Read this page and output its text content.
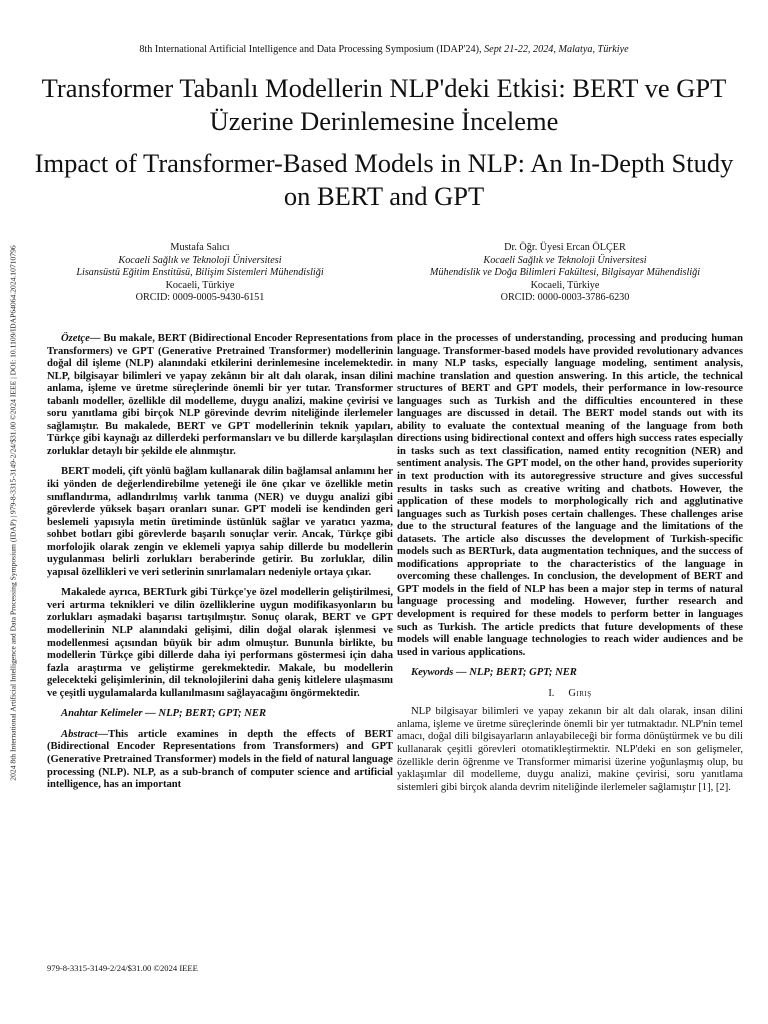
8th International Artificial Intelligence and Data Processing Symposium (IDAP'24), Sept 21-22, 2024, Malatya, Türkiye
2024 8th International Artificial Intelligence and Data Processing Symposium (IDAP) | 979-8-3315-3149-2/24/$31.00 ©2024 IEEE | DOI: 10.1109/IDAP64064.2024.10710796
Transformer Tabanlı Modellerin NLP'deki Etkisi: BERT ve GPT Üzerine Derinlemesine İnceleme
Impact of Transformer-Based Models in NLP: An In-Depth Study on BERT and GPT
Mustafa Salıcı
Kocaeli Sağlık ve Teknoloji Üniversitesi
Lisansüstü Eğitim Enstitüsü, Bilişim Sistemleri Mühendisliği
Kocaeli, Türkiye
ORCID: 0009-0005-9430-6151
Dr. Öğr. Üyesi Ercan ÖLÇER
Kocaeli Sağlık ve Teknoloji Üniversitesi
Mühendislik ve Doğa Bilimleri Fakültesi, Bilgisayar Mühendisliği
Kocaeli, Türkiye
ORCID: 0000-0003-3786-6230

Özetçe— Bu makale, BERT (Bidirectional Encoder Representations from Transformers) ve GPT (Generative Pretrained Transformer) modellerinin doğal dil işleme (NLP) alanındaki etkilerini derinlemesine incelemektedir. NLP, bilgisayar bilimleri ve yapay zekânın bir alt dalı olarak, insan dilini anlama, işleme ve üretme süreçlerinde önemli bir yer tutar. Transformer tabanlı modeller, özellikle dil modelleme, duygu analizi, makine çevirisi ve soru yanıtlama gibi birçok NLP görevinde devrim niteliğinde ilerlemeler sağlamıştır. Bu makalede, BERT ve GPT modellerinin teknik yapıları, Türkçe gibi kaynağı az dillerdeki performansları ve bu dillerde karşılaşılan zorluklar detaylı bir şekilde ele alınmıştır.

BERT modeli, çift yönlü bağlam kullanarak dilin bağlamsal anlamını her iki yönden de değerlendirebilme yeteneği ile öne çıkar ve özellikle metin sınıflandırma, adlandırılmış varlık tanıma (NER) ve duygu analizi gibi görevlerde yüksek başarı oranları sunar. GPT modeli ise kendinden geri beslemeli yapısıyla metin üretiminde üstünlük sağlar ve yaratıcı yazma, sohbet botları gibi görevlerde başarılı sonuçlar verir. Ancak, Türkçe gibi morfolojik olarak zengin ve eklemeli yapıya sahip dillerde bu modellerin uygulanması belirli zorlukları beraberinde getirir. Bu zorluklar, dilin yapısal özellikleri ve veri setlerinin sınırlamaları nedeniyle ortaya çıkar.

Makalede ayrıca, BERTurk gibi Türkçe'ye özel modellerin geliştirilmesi, veri artırma teknikleri ve dilin özelliklerine uygun modifikasyonların bu zorlukları aşmadaki başarısı tartışılmıştır. Sonuç olarak, BERT ve GPT modellerinin NLP alanındaki gelişimi, dilin doğal olarak işlenmesi ve modellenmesi açısından büyük bir adım olmuştur. Bununla birlikte, bu modellerin Türkçe gibi dillerde daha iyi performans göstermesi için daha fazla araştırma ve geliştirme gerekmektedir. Makale, bu modellerin gelecekteki gelişimlerinin, dil teknolojilerini daha geniş kitlelere ulaşmasını ve çeşitli uygulamalarda kullanılmasını sağlayacağını öngörmektedir.

Anahtar Kelimeler — NLP; BERT; GPT; NER

Abstract—This article examines in depth the effects of BERT (Bidirectional Encoder Representations from Transformers) and GPT (Generative Pretrained Transformer) models in the field of natural language processing (NLP). NLP, as a sub-branch of computer science and artificial intelligence, has an important

place in the processes of understanding, processing and producing human language. Transformer-based models have provided revolutionary advances in many NLP tasks, especially language modeling, sentiment analysis, machine translation and question answering. In this article, the technical structures of BERT and GPT models, their performance in low-resource languages such as Turkish and the difficulties encountered in these languages are discussed in detail. The BERT model stands out with its ability to evaluate the contextual meaning of the language from both directions using bidirectional context and offers high success rates especially in tasks such as text classification, named entity recognition (NER) and sentiment analysis. The GPT model, on the other hand, provides superiority in text production with its autoregressive structure and gives successful results in tasks such as creative writing and chatbots. However, the application of these models to morphologically rich and agglutinative languages such as Turkish poses certain challenges. These challenges arise due to the structural features of the language and the limitations of the datasets. The article also discusses the development of Turkish-specific models such as BERTurk, data augmentation techniques, and the success of modifications appropriate to the characteristics of the language in overcoming these challenges. In conclusion, the development of BERT and GPT models in the field of NLP has been a major step in terms of natural language processing and modeling. However, further research and development is required for these models to perform better in languages such as Turkish. The article predicts that future developments of these models will enable language technologies to reach wider audiences and be used in various applications.

Keywords — NLP; BERT; GPT; NER

I. Giriş

NLP bilgisayar bilimleri ve yapay zekanın bir alt dalı olarak, insan dilini anlama, işleme ve üretme süreçlerinde önemli bir yer tutmaktadır. NLP'nin temel amacı, doğal dili bilgisayarların anlayabileceği bir forma dönüştürmek ve bu dili kullanarak çeşitli görevleri otomatikleştirmektir. NLP'deki en son gelişmeler, özellikle derin öğrenme ve Transformer mimarisi üzerine yoğunlaşmış olup, bu yaklaşımlar dil modelleme, duygu analizi, makine çevirisi, soru yanıtlama sistemleri gibi birçok alanda devrim niteliğinde ilerlemeler sağlamıştır [1], [2].

979-8-3315-3149-2/24/$31.00 ©2024 IEEE
